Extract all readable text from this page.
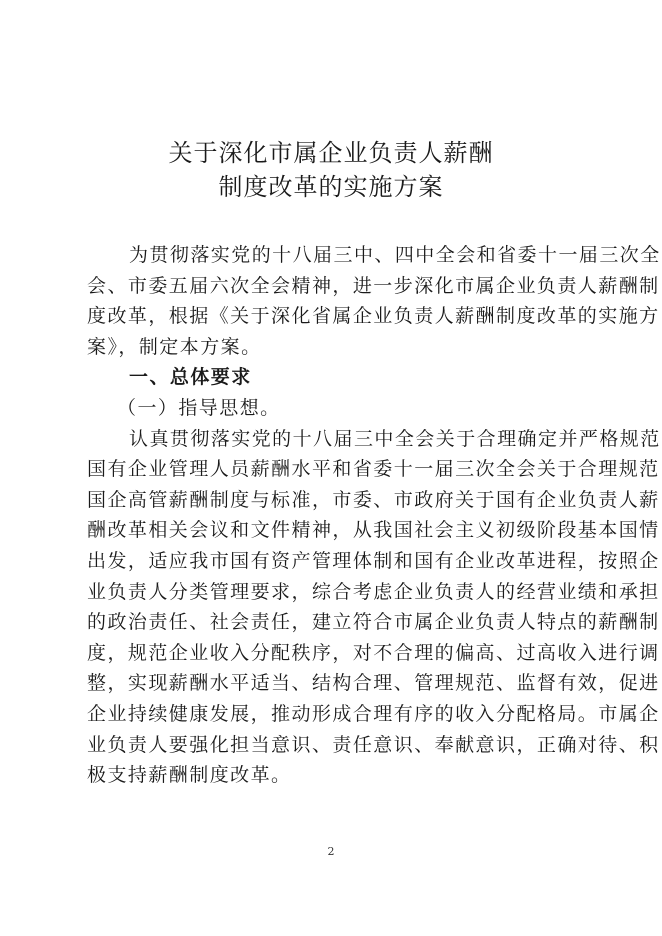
关于深化市属企业负责人薪酬
制度改革的实施方案
为贯彻落实党的十八届三中、四中全会和省委十一届三次全
会、市委五届六次全会精神，进一步深化市属企业负责人薪酬制
度改革，根据《关于深化省属企业负责人薪酬制度改革的实施方
案》，制定本方案。
一、总体要求
（一）指导思想。
认真贯彻落实党的十八届三中全会关于合理确定并严格规范
国有企业管理人员薪酬水平和省委十一届三次全会关于合理规范
国企高管薪酬制度与标准，市委、市政府关于国有企业负责人薪
酬改革相关会议和文件精神，从我国社会主义初级阶段基本国情
出发，适应我市国有资产管理体制和国有企业改革进程，按照企
业负责人分类管理要求，综合考虑企业负责人的经营业绩和承担
的政治责任、社会责任，建立符合市属企业负责人特点的薪酬制
度，规范企业收入分配秩序，对不合理的偏高、过高收入进行调
整，实现薪酬水平适当、结构合理、管理规范、监督有效，促进
企业持续健康发展，推动形成合理有序的收入分配格局。市属企
业负责人要强化担当意识、责任意识、奉献意识，正确对待、积
极支持薪酬制度改革。
2
